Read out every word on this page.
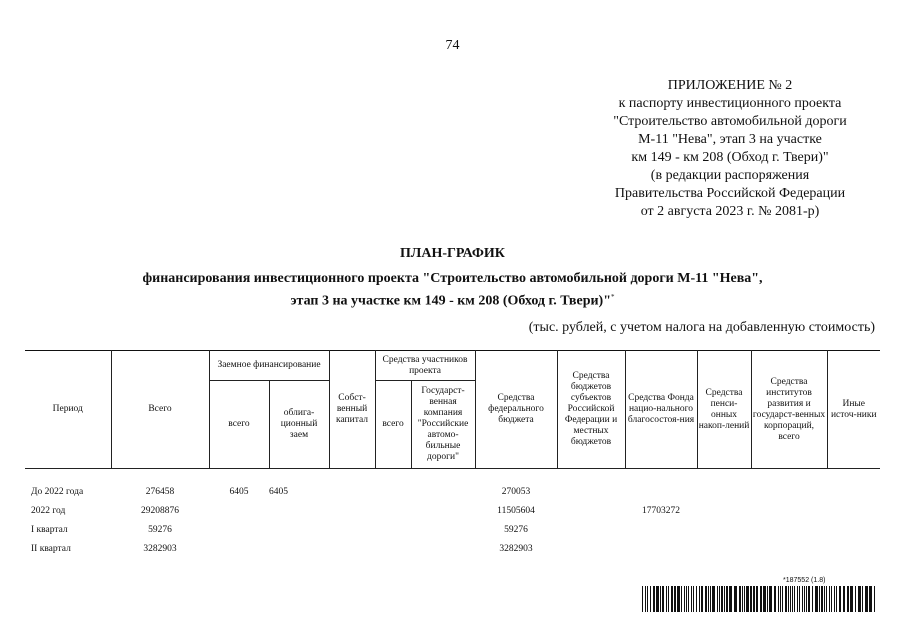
74
ПРИЛОЖЕНИЕ № 2
к паспорту инвестиционного проекта
"Строительство автомобильной дороги
М-11 "Нева", этап 3 на участке
км 149 - км 208 (Обход г. Твери)"
(в редакции распоряжения
Правительства Российской Федерации
от 2 августа 2023 г. № 2081-р)
ПЛАН-ГРАФИК
финансирования инвестиционного проекта "Строительство автомобильной дороги М-11 "Нева",
этап 3 на участке км 149 - км 208 (Обход г. Твери)"*
(тыс. рублей, с учетом налога на добавленную стоимость)
Период	Всего	Заемное финансирование		Собст-венный капитал	Средства участников проекта		Средства федерального бюджета	Средства бюджетов субъектов Российской Федерации и местных бюджетов	Средства Фонда нацио-нального благосостоя-ния	Средства пенси-онных накоп-лений	Средства институтов развития и государст-венных корпораций, всего	Иные источ-ники
		всего	облига-ционный заем		всего	Государст-венная компания "Российские автомо-бильные дороги"						
До 2022 года	276458	6405	6405				270053					
2022 год	29208876						11505604		17703272			
I квартал	59276						59276					
II квартал	3282903						3282903					
*187552 (1.8)
